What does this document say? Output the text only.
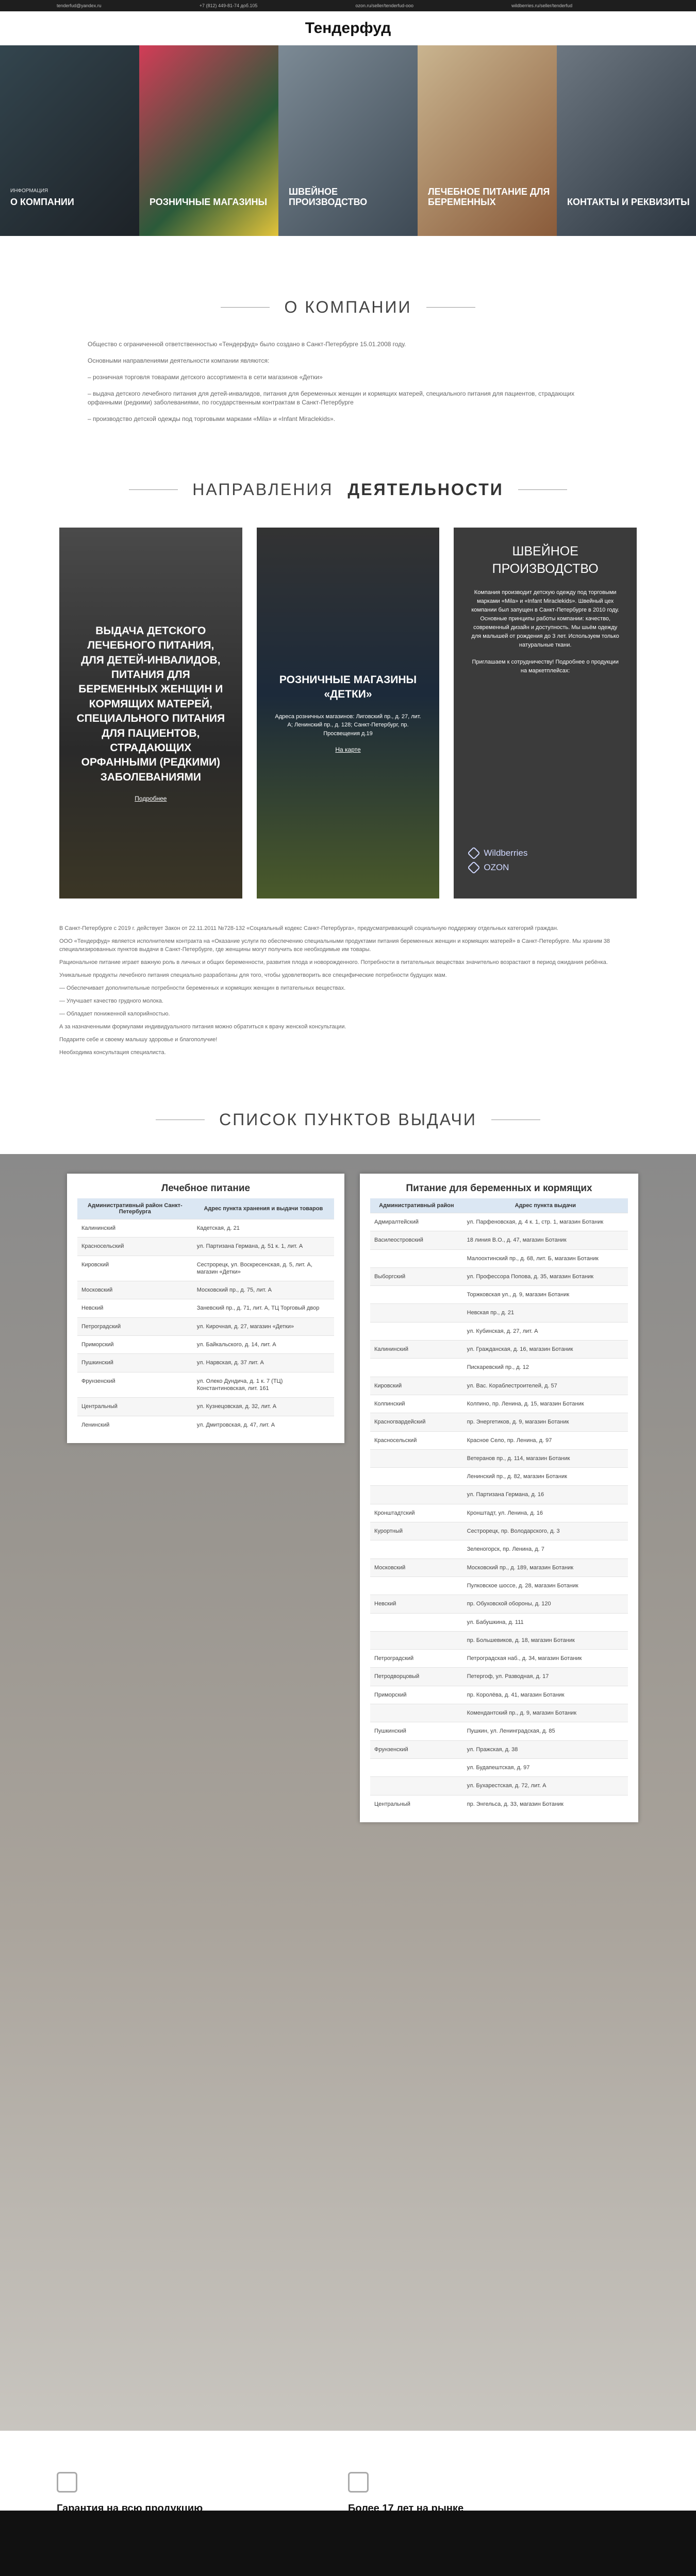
tenderfud@yandex.ru	+7 (812) 449-81-74 доб.105	ozon.ru/seller/tenderfud-ooo	wildberries.ru/seller/tenderfud
Тендерфуд
ИНФОРМАЦИЯ
О КОМПАНИИ	РОЗНИЧНЫЕ МАГАЗИНЫ
ШВЕЙНОЕ ПРОИЗВОДСТВО
ЛЕЧЕБНОЕ ПИТАНИЕ ДЛЯ БЕРЕМЕННЫХ	КОНТАКТЫ И РЕКВИЗИТЫ
О КОМПАНИИ

Общество с ограниченной ответственностью «Тендерфуд» было создано в Санкт-Петербурге 15.01.2008 году.

Основными направлениями деятельности компании являются:

– розничная торговля товарами детского ассортимента в сети магазинов «Детки»

– выдача детского лечебного питания для детей-инвалидов, питания для беременных женщин и кормящих матерей, специального питания для пациентов, страдающих орфанными (редкими) заболеваниями, по государственным контрактам в Санкт-Петербурге

– производство детской одежды под торговыми марками «Mila» и «Infant Miraclekids».

НАПРАВЛЕНИЯ ДЕЯТЕЛЬНОСТИ
ВЫДАЧА ДЕТСКОГО ЛЕЧЕБНОГО ПИТАНИЯ, ДЛЯ ДЕТЕЙ-ИНВАЛИДОВ, ПИТАНИЯ ДЛЯ БЕРЕМЕННЫХ ЖЕНЩИН И КОРМЯЩИХ МАТЕРЕЙ, СПЕЦИАЛЬНОГО ПИТАНИЯ ДЛЯ ПАЦИЕНТОВ, СТРАДАЮЩИХ ОРФАННЫМИ (РЕДКИМИ) ЗАБОЛЕВАНИЯМИ
Подробнее
РОЗНИЧНЫЕ МАГАЗИНЫ «ДЕТКИ»
Адреса розничных магазинов: Лиговский пр., д. 27, лит. А; Ленинский пр., д. 128; Санкт-Петербург, пр. Просвещения д.19
На карте
ШВЕЙНОЕ ПРОИЗВОДСТВО
Компания производит детскую одежду под торговыми марками «Mila» и «Infant Miraclekids». Швейный цех компании был запущен в Санкт-Петербурге в 2010 году. Основные принципы работы компании: качество, современный дизайн и доступность. Мы шьём одежду для малышей от рождения до 3 лет. Используем только натуральные ткани.
Приглашаем к сотрудничеству! Подробнее о продукции на маркетплейсах:
Wildberries
OZON

В Санкт-Петербурге с 2019 г. действует Закон от 22.11.2011 №728-132 «Социальный кодекс Санкт-Петербурга», предусматривающий социальную поддержку отдельных категорий граждан.

ООО «Тендерфуд» является исполнителем контракта на «Оказание услуги по обеспечению специальными продуктами питания беременных женщин и кормящих матерей» в Санкт-Петербурге. Мы храним 38 специализированных пунктов выдачи в Санкт-Петербурге, где женщины могут получить все необходимые им товары.

Рациональное питание играет важную роль в личных и общих беременности, развития плода и новорожденного. Потребности в питательных веществах значительно возрастают в период ожидания ребёнка.

Уникальные продукты лечебного питания специально разработаны для того, чтобы удовлетворить все специфические потребности будущих мам.

— Обеспечивает дополнительные потребности беременных и кормящих женщин в питательных веществах.

— Улучшает качество грудного молока.

— Обладает пониженной калорийностью.

А за назначенными формулами индивидуального питания можно обратиться к врачу женской консультации.

Подарите себе и своему малышу здоровье и благополучие!

Необходима консультация специалиста.

СПИСОК ПУНКТОВ ВЫДАЧИ
Лечебное питание
Административный район Санкт-Петербурга	Адрес пункта хранения и выдачи товаров
Калининский	Кадетская, д. 21
Красносельский	ул. Партизана Германа, д. 51 к. 1, лит. А
Кировский	Сестрорецк, ул. Воскресенская, д. 5, лит. А, магазин «Детки»
Московский	Московский пр., д. 75, лит. А
Невский	Заневский пр., д. 71, лит. А, ТЦ Торговый двор
Петроградский	ул. Кирочная, д. 27, магазин «Детки»
Приморский	ул. Байкальского, д. 14, лит. А
Пушкинский	ул. Нарвская, д. 37 лит. А
Фрунзенский	ул. Олеко Дундича, д. 1 к. 7 (ТЦ) Константиновская, лит. 161
Центральный	ул. Кузнецовская, д. 32, лит. А
Ленинский	ул. Дмитровская, д. 47, лит. А
Питание для беременных и кормящих
Административный район	Адрес пункта выдачи
Адмиралтейский	ул. Парфеновская, д. 4 к. 1, стр. 1, магазин Ботаник
Василеостровский	18 линия В.О., д. 47, магазин Ботаник
	Малоохтинский пр., д. 68, лит. Б, магазин Ботаник
Выборгский	ул. Профессора Попова, д. 35, магазин Ботаник
	Торжковская ул., д. 9, магазин Ботаник
	Невская пр., д. 21
	ул. Кубинская, д. 27, лит. А
Калининский	ул. Гражданская, д. 16, магазин Ботаник
	Пискаревский пр., д. 12
Кировский	ул. Вас. Кораблестроителей, д. 57
Колпинский	Колпино, пр. Ленина, д. 15, магазин Ботаник
Красногвардейский	пр. Энергетиков, д. 9, магазин Ботаник
Красносельский	Красное Село, пр. Ленина, д. 97
	Ветеранов пр., д. 114, магазин Ботаник
	Ленинский пр., д. 82, магазин Ботаник
	ул. Партизана Германа, д. 16
Кронштадтский	Кронштадт, ул. Ленина, д. 16
Курортный	Сестрорецк, пр. Володарского, д. 3
	Зеленогорск, пр. Ленина, д. 7
Московский	Московский пр., д. 189, магазин Ботаник
	Пулковское шоссе, д. 28, магазин Ботаник
Невский	пр. Обуховской обороны, д. 120
	ул. Бабушкина, д. 111
	пр. Большевиков, д. 18, магазин Ботаник
Петроградский	Петроградская наб., д. 34, магазин Ботаник
Петродворцовый	Петергоф, ул. Разводная, д. 17
Приморский	пр. Королёва, д. 41, магазин Ботаник
	Комендантский пр., д. 9, магазин Ботаник
Пушкинский	Пушкин, ул. Ленинградская, д. 85
Фрунзенский	ул. Пражская, д. 38
	ул. Будапештская, д. 97
	ул. Бухарестская, д. 72, лит. А
Центральный	пр. Энгельса, д. 33, магазин Ботаник
Гарантия на всю продукцию	Более 17 лет на рынке
